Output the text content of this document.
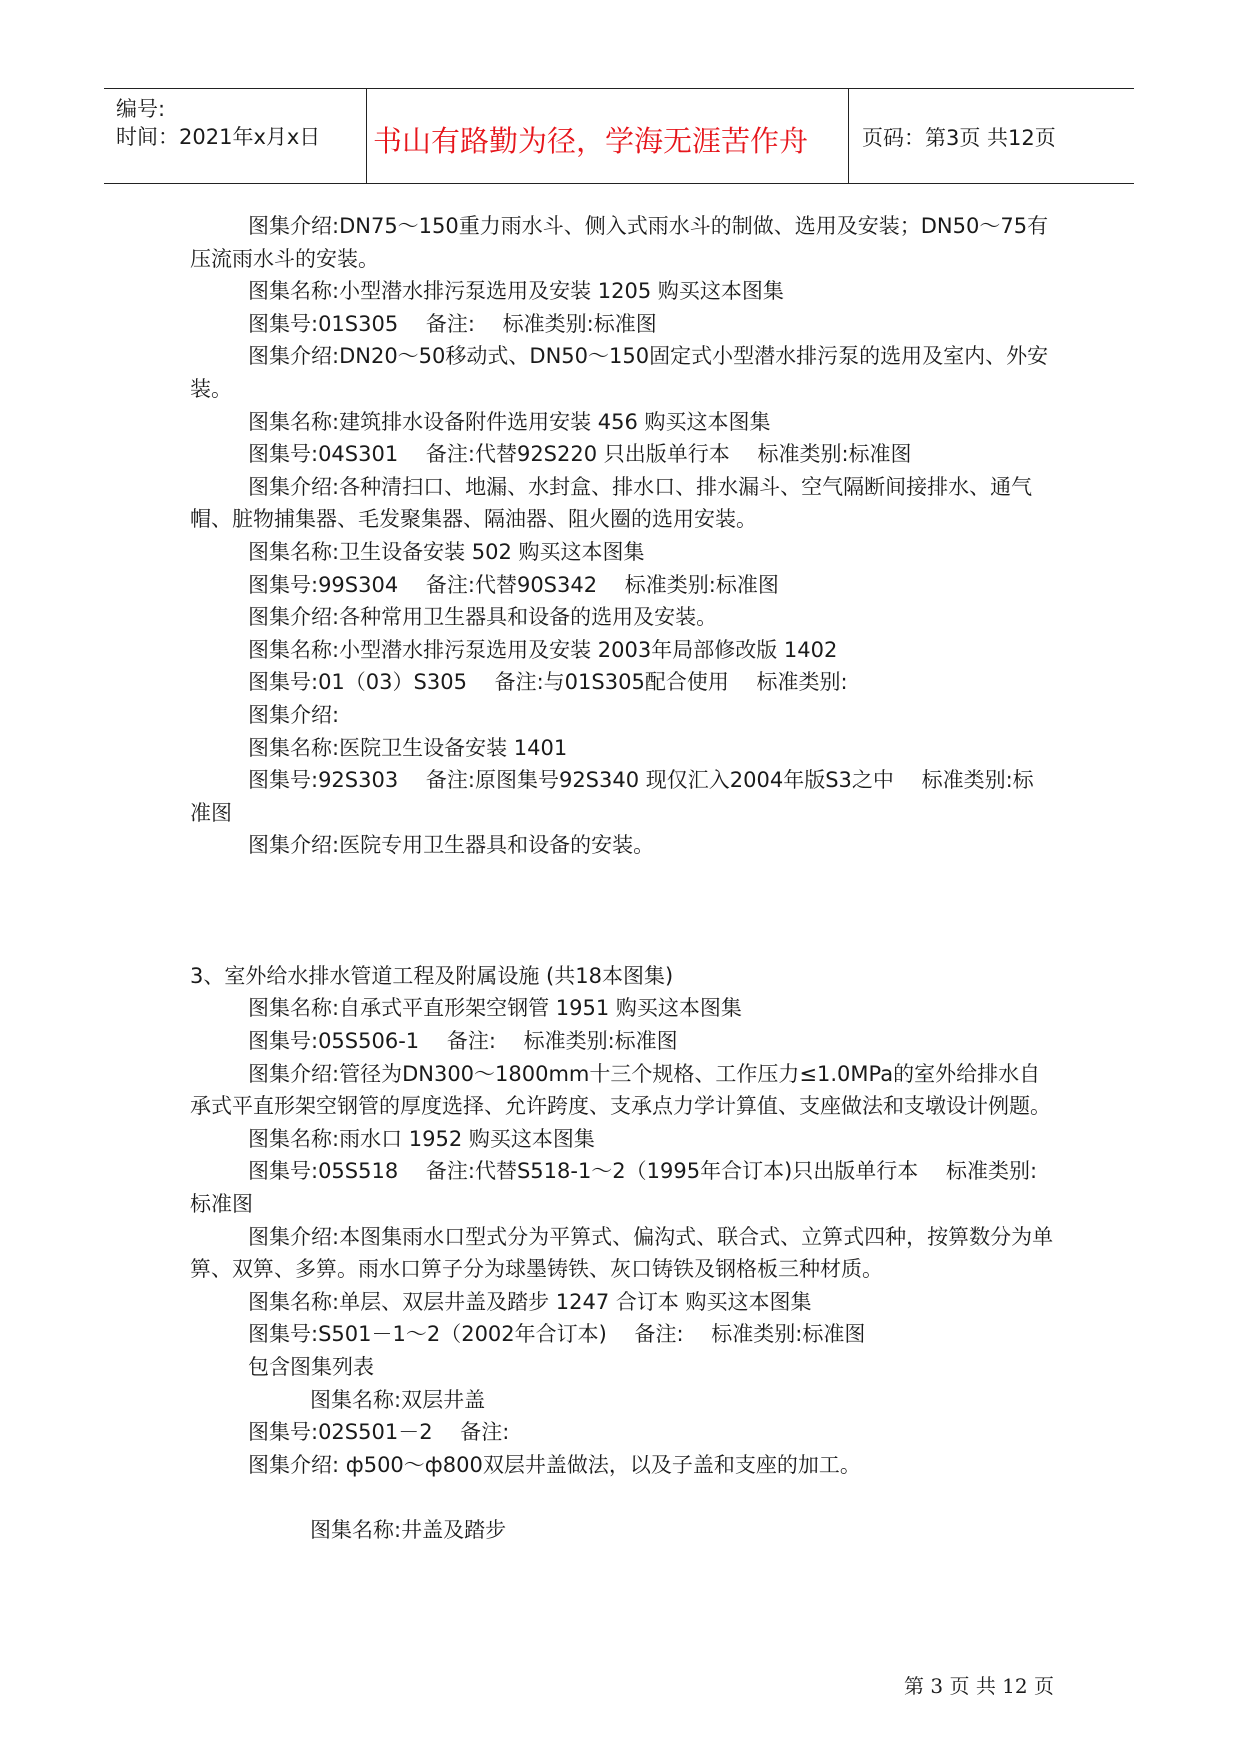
编号:
时间：2021年x月x日	书山有路勤为径，学海无涯苦作舟	页码：第3页 共12页

图集介绍:DN75～150重力雨水斗、侧入式雨水斗的制做、选用及安装；DN50～75有压流雨水斗的安装。

图集名称:小型潜水排污泵选用及安装 1205 购买这本图集

图集号:01S305　 备注:　 标准类别:标准图

图集介绍:DN20～50移动式、DN50～150固定式小型潜水排污泵的选用及室内、外安装。

图集名称:建筑排水设备附件选用安装 456 购买这本图集

图集号:04S301　 备注:代替92S220 只出版单行本　 标准类别:标准图

图集介绍:各种清扫口、地漏、水封盒、排水口、排水漏斗、空气隔断间接排水、通气帽、脏物捕集器、毛发聚集器、隔油器、阻火圈的选用安装。

图集名称:卫生设备安装 502 购买这本图集

图集号:99S304　 备注:代替90S342　 标准类别:标准图

图集介绍:各种常用卫生器具和设备的选用及安装。

图集名称:小型潜水排污泵选用及安装 2003年局部修改版 1402

图集号:01（03）S305　 备注:与01S305配合使用　 标准类别:

图集介绍:

图集名称:医院卫生设备安装 1401

图集号:92S303　 备注:原图集号92S340 现仅汇入2004年版S3之中　 标准类别:标准图

图集介绍:医院专用卫生器具和设备的安装。

3、室外给水排水管道工程及附属设施 (共18本图集)

图集名称:自承式平直形架空钢管 1951 购买这本图集

图集号:05S506-1　 备注:　 标准类别:标准图

图集介绍:管径为DN300～1800mm十三个规格、工作压力≤1.0MPa的室外给排水自承式平直形架空钢管的厚度选择、允许跨度、支承点力学计算值、支座做法和支墩设计例题。

图集名称:雨水口 1952 购买这本图集

图集号:05S518　 备注:代替S518-1～2（1995年合订本)只出版单行本　 标准类别:标准图

图集介绍:本图集雨水口型式分为平箅式、偏沟式、联合式、立箅式四种，按箅数分为单箅、双箅、多箅。雨水口箅子分为球墨铸铁、灰口铸铁及钢格板三种材质。

图集名称:单层、双层井盖及踏步 1247 合订本 购买这本图集

图集号:S501－1～2（2002年合订本)　 备注:　 标准类别:标准图

包含图集列表

图集名称:双层井盖

图集号:02S501－2　 备注:

图集介绍: ф500～ф800双层井盖做法，以及子盖和支座的加工。

图集名称:井盖及踏步

第 3 页 共 12 页
